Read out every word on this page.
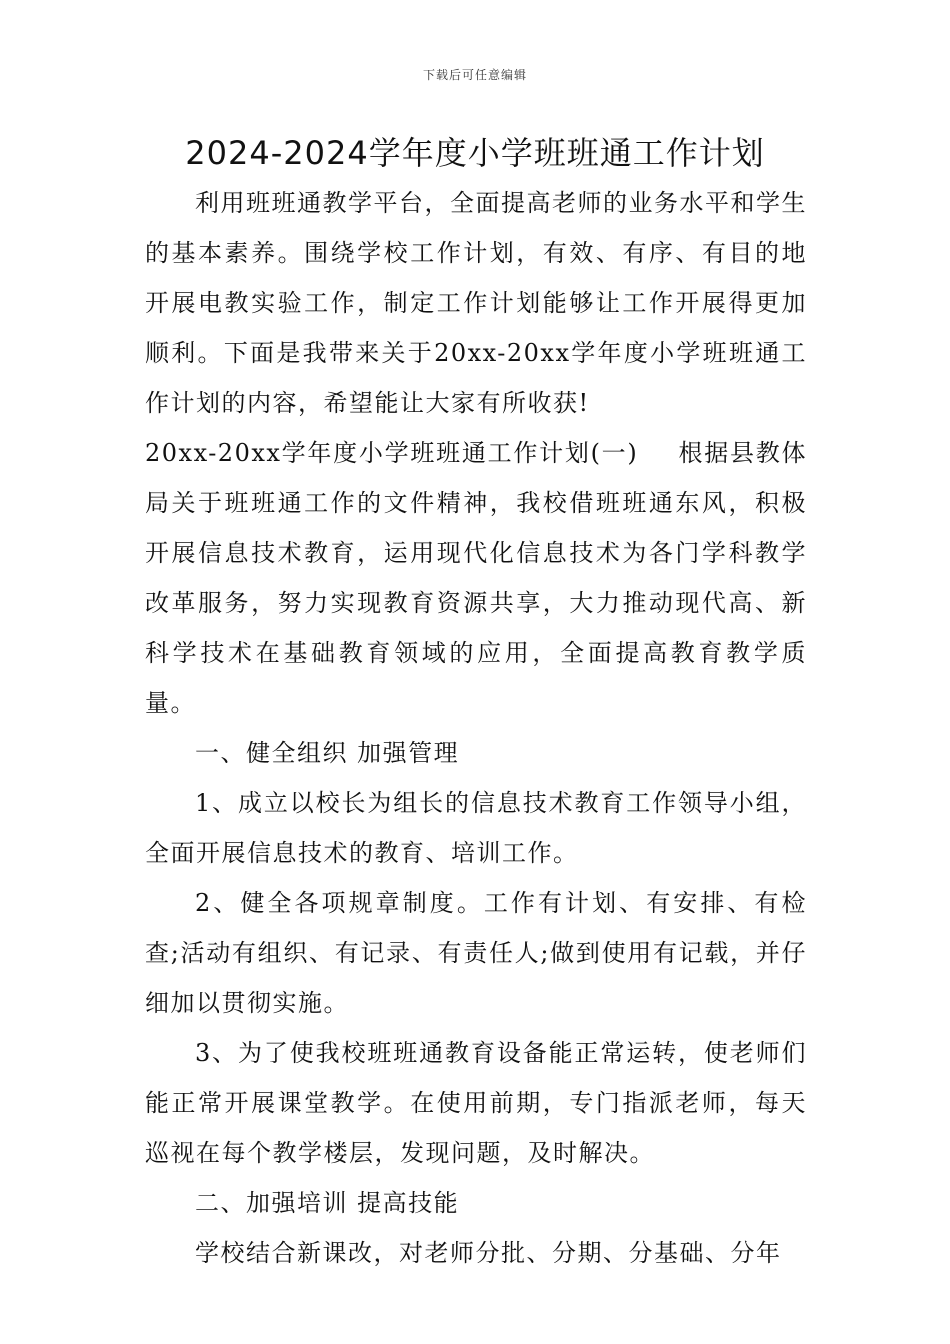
下载后可任意编辑
2024-2024学年度小学班班通工作计划

利用班班通教学平台，全面提高老师的业务水平和学生的基本素养。围绕学校工作计划，有效、有序、有目的地开展电教实验工作，制定工作计划能够让工作开展得更加顺利。下面是我带来关于20xx-20xx学年度小学班班通工作计划的内容，希望能让大家有所收获!

20xx-20xx学年度小学班班通工作计划(一) 根据县教体局关于班班通工作的文件精神，我校借班班通东风，积极开展信息技术教育，运用现代化信息技术为各门学科教学改革服务，努力实现教育资源共享，大力推动现代高、新科学技术在基础教育领域的应用，全面提高教育教学质量。

一、健全组织 加强管理

1、成立以校长为组长的信息技术教育工作领导小组，全面开展信息技术的教育、培训工作。

2、健全各项规章制度。工作有计划、有安排、有检查;活动有组织、有记录、有责任人;做到使用有记载，并仔细加以贯彻实施。

3、为了使我校班班通教育设备能正常运转，使老师们能正常开展课堂教学。在使用前期，专门指派老师，每天巡视在每个教学楼层，发现问题，及时解决。

二、加强培训 提高技能

学校结合新课改，对老师分批、分期、分基础、分年
